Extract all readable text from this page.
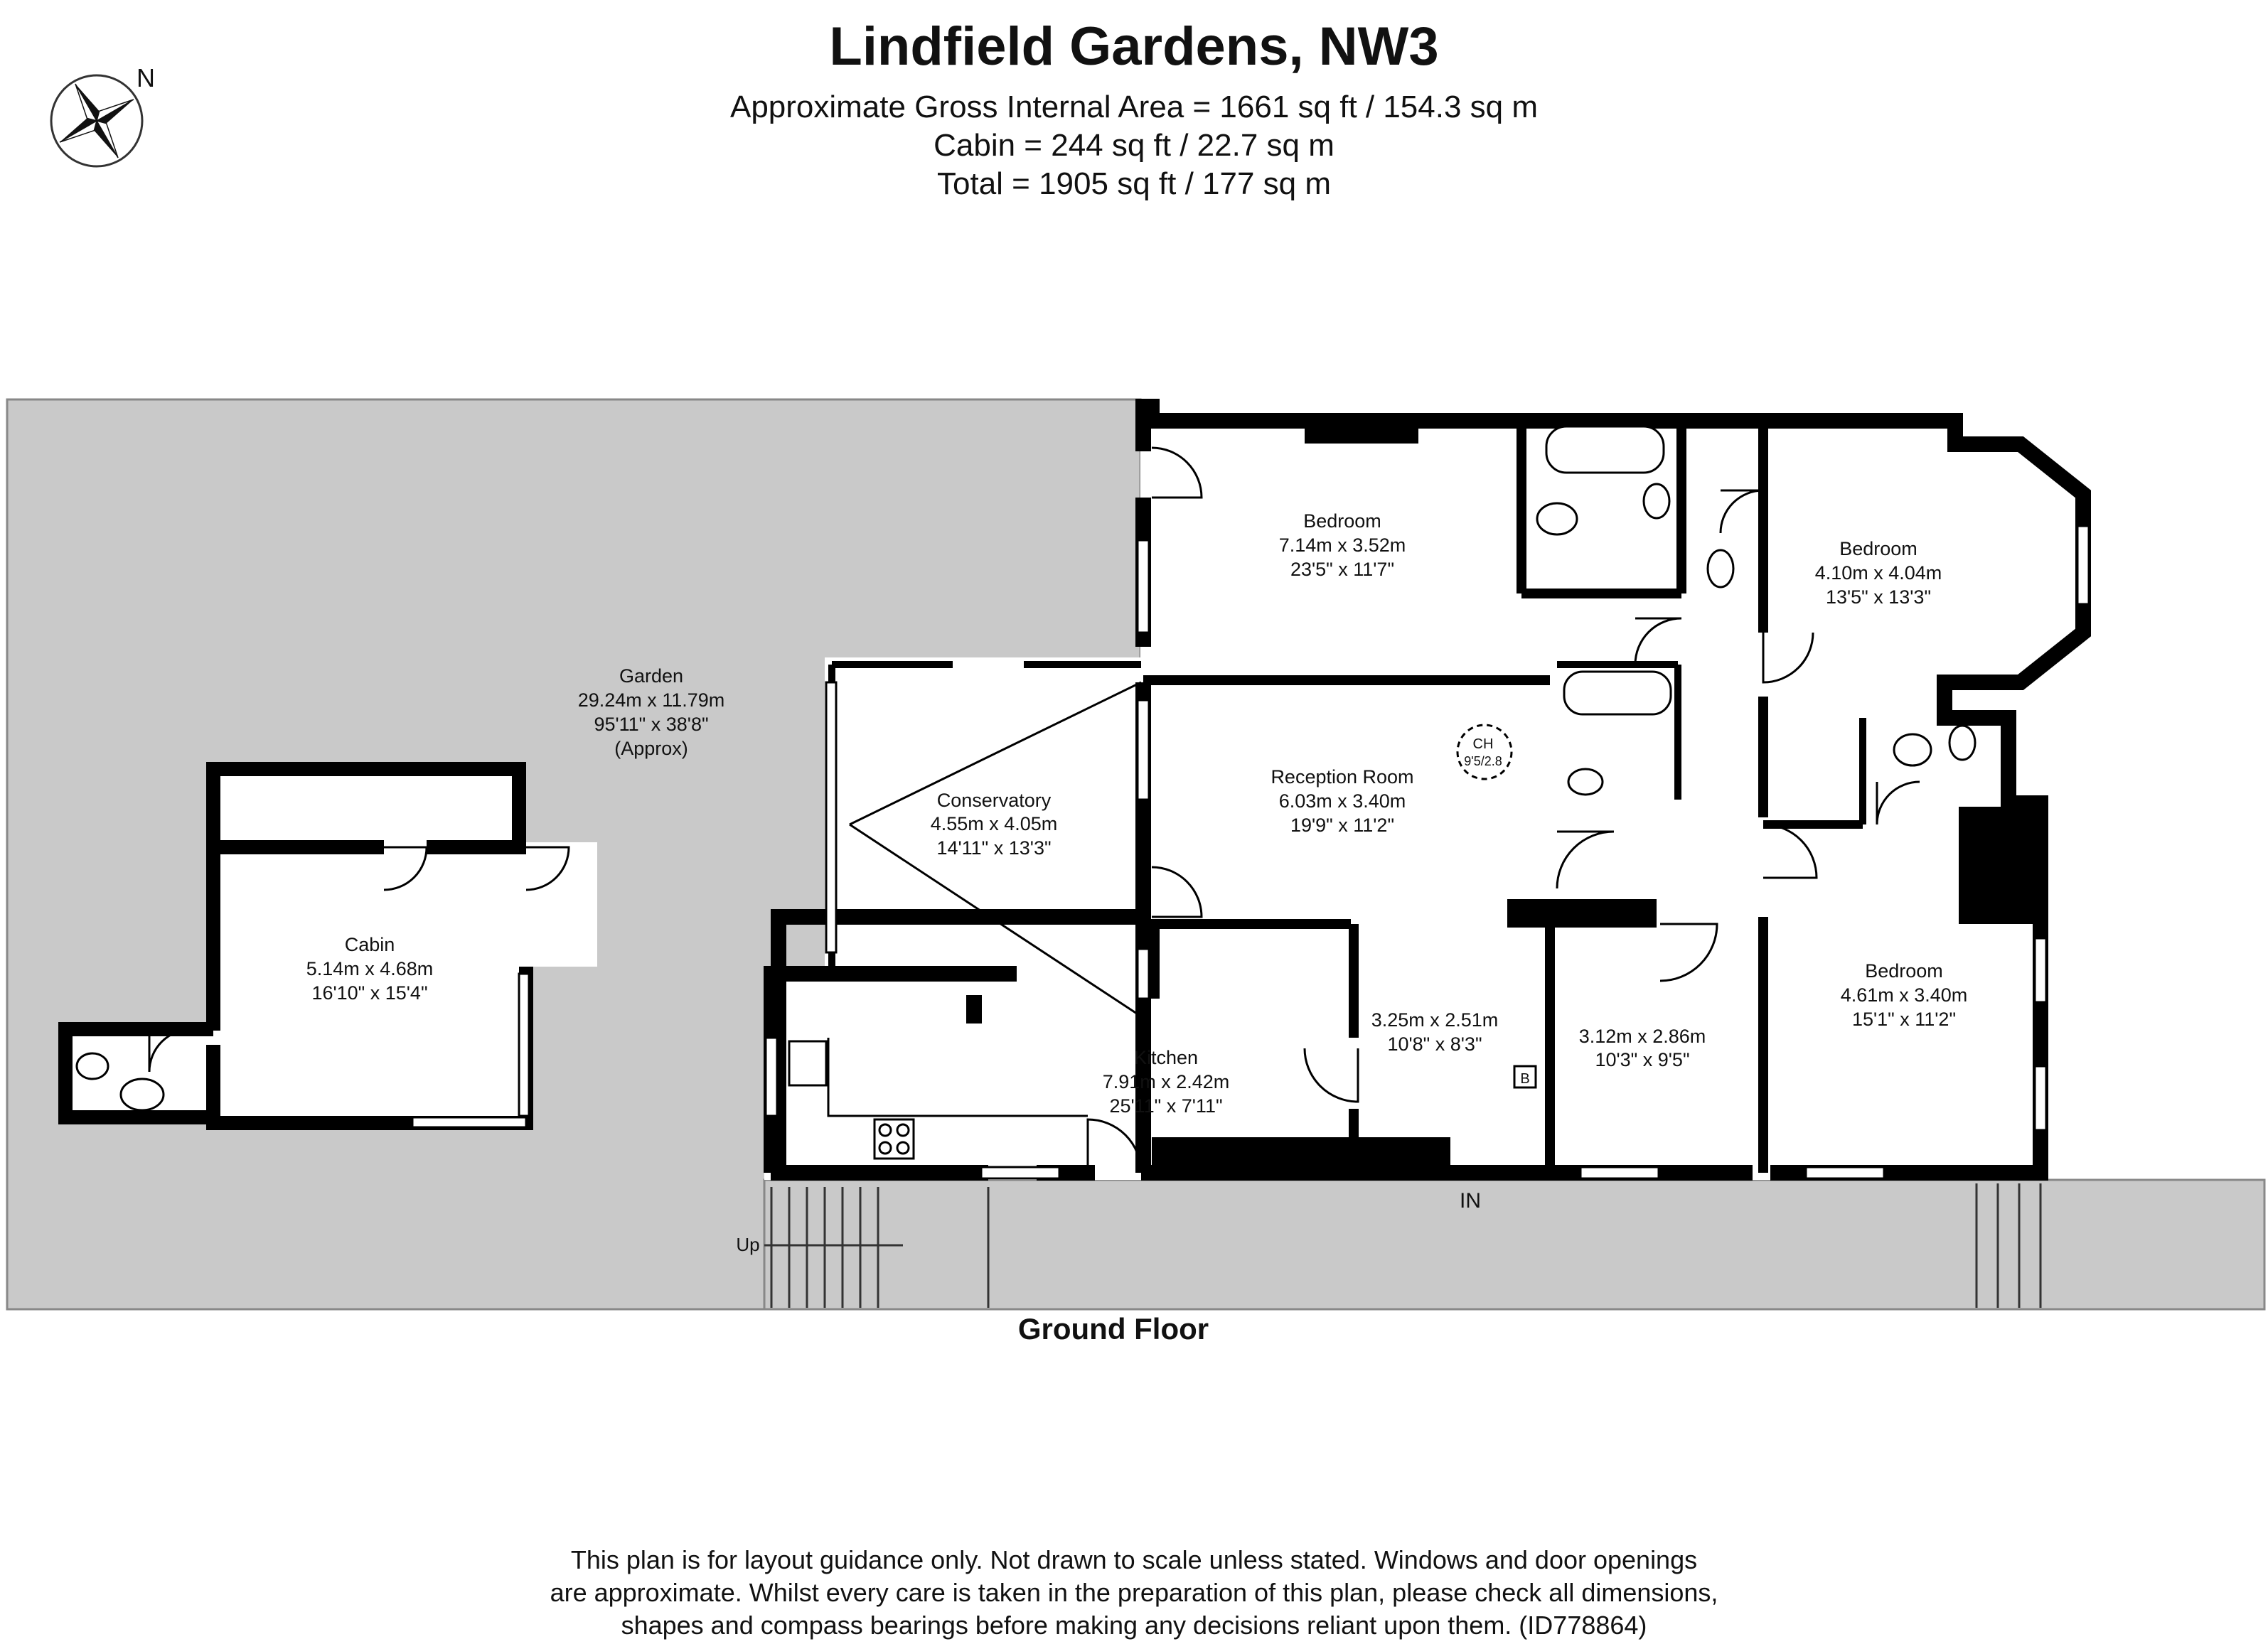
Lindfield Gardens, NW3
Approximate Gross Internal Area = 1661 sq ft / 154.3 sq m
Cabin = 244 sq ft / 22.7 sq m
Total = 1905 sq ft / 177 sq m
N
CH
9'5/2.8
B
Garden
29.24m x 11.79m
95'11" x 38'8"
(Approx)
Cabin
5.14m x 4.68m
16'10" x 15'4"
Conservatory
4.55m x 4.05m
14'11" x 13'3"
Bedroom
7.14m x 3.52m
23'5" x 11'7"
Bedroom
4.10m x 4.04m
13'5" x 13'3"
Reception Room
6.03m x 3.40m
19'9" x 11'2"
Kitchen
7.91m x 2.42m
25'11" x 7'11"
3.25m x 2.51m
10'8" x 8'3"	3.12m x 2.86m
10'3" x 9'5"
Bedroom
4.61m x 3.40m
15'1" x 11'2"
IN
Up
Ground Floor
This plan is for layout guidance only. Not drawn to scale unless stated. Windows and door openings
are approximate. Whilst every care is taken in the preparation of this plan, please check all dimensions,
shapes and compass bearings before making any decisions reliant upon them. (ID778864)
